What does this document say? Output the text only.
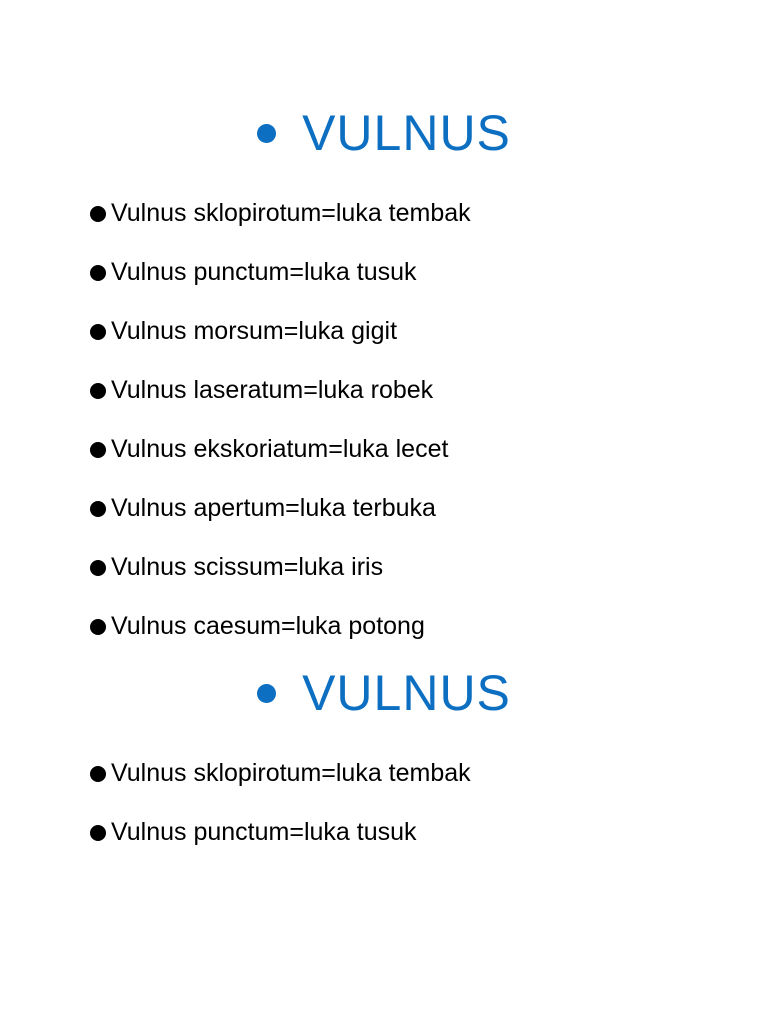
VULNUS
Vulnus sklopirotum=luka tembak
Vulnus punctum=luka tusuk
Vulnus morsum=luka gigit
Vulnus laseratum=luka robek
Vulnus ekskoriatum=luka lecet
Vulnus apertum=luka terbuka
Vulnus scissum=luka iris
Vulnus caesum=luka potong
VULNUS
Vulnus sklopirotum=luka tembak
Vulnus punctum=luka tusuk
